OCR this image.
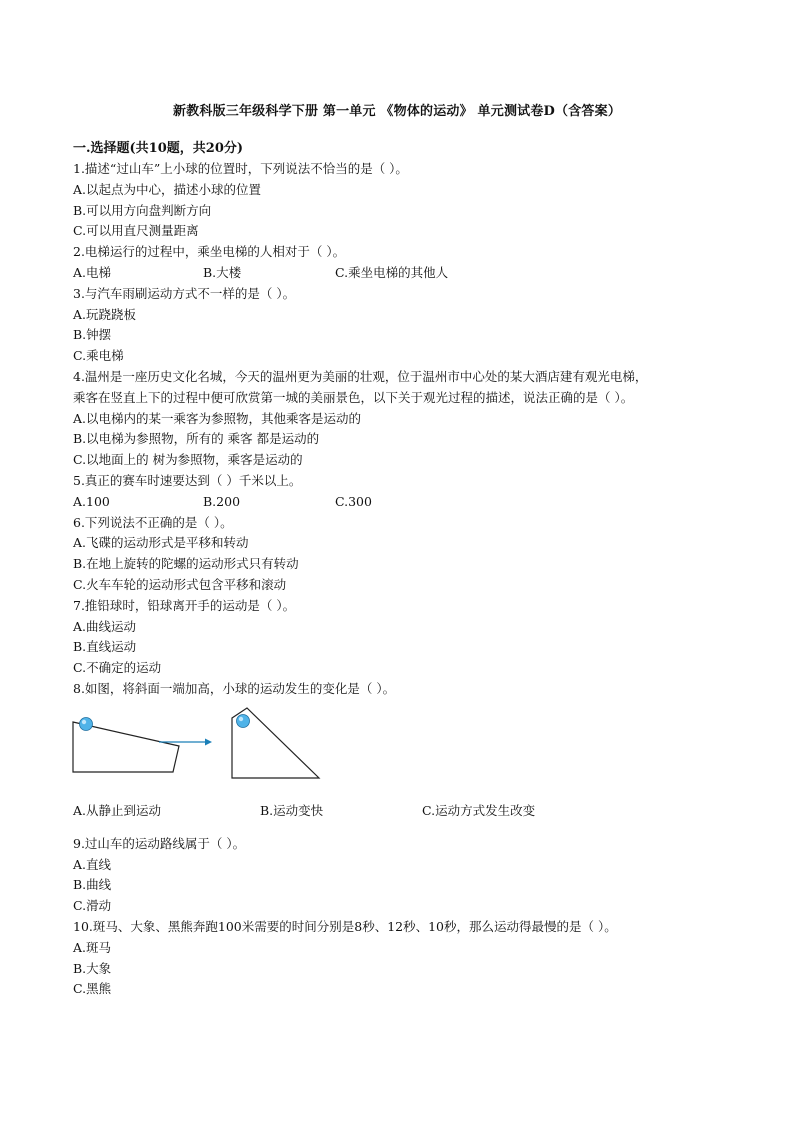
新教科版三年级科学下册 第一单元 《物体的运动》 单元测试卷D（含答案）
一.选择题(共10题，共20分)
1.描述“过山车”上小球的位置时，下列说法不恰当的是（ ）。
A.以起点为中心，描述小球的位置
B.可以用方向盘判断方向
C.可以用直尺测量距离
2.电梯运行的过程中，乘坐电梯的人相对于（ ）。
A.电梯	B.大楼	C.乘坐电梯的其他人
3.与汽车雨刷运动方式不一样的是（ ）。
A.玩跷跷板
B.钟摆
C.乘电梯
4.温州是一座历史文化名城，今天的温州更为美丽的壮观，位于温州市中心处的某大酒店建有观光电梯，
乘客在竖直上下的过程中便可欣赏第一城的美丽景色，以下关于观光过程的描述，说法正确的是（ ）。
A.以电梯内的某一乘客为参照物，其他乘客是运动的
B.以电梯为参照物，所有的 乘客 都是运动的
C.以地面上的 树为参照物，乘客是运动的
5.真正的赛车时速要达到（ ）千米以上。
A.100	B.200	C.300
6.下列说法不正确的是（ ）。
A.飞碟的运动形式是平移和转动
B.在地上旋转的陀螺的运动形式只有转动
C.火车车轮的运动形式包含平移和滚动
7.推铅球时，铅球离开手的运动是（ ）。
A.曲线运动
B.直线运动
C.不确定的运动
8.如图，将斜面一端加高，小球的运动发生的变化是（ ）。
A.从静止到运动	B.运动变快	C.运动方式发生改变
9.过山车的运动路线属于（ ）。
A.直线
B.曲线
C.滑动
10.斑马、大象、黑熊奔跑100米需要的时间分别是8秒、12秒、10秒，那么运动得最慢的是（ ）。
A.斑马
B.大象
C.黑熊
